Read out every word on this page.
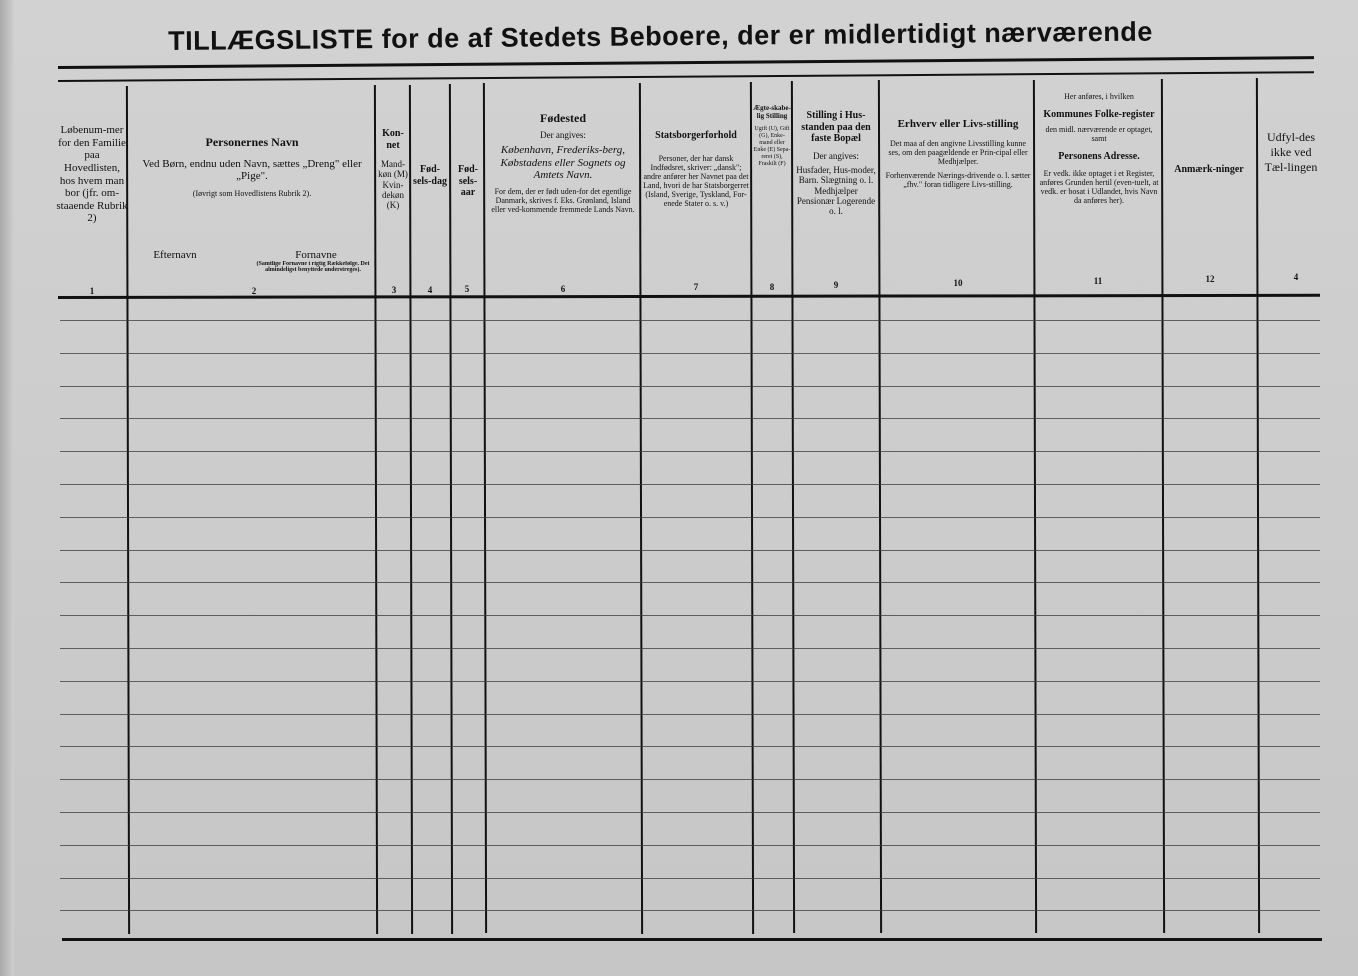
TILLÆGSLISTE for de af Stedets Beboere, der er midlertidigt nærværende
Løbenum-mer for den Familie paa Hovedlisten, hos hvem man bor (jfr. om-staaende Rubrik 2)
1
Personernes Navn
Ved Børn, endnu uden Navn, sættes „Dreng" eller „Pige".
(Iøvrigt som Hovedlistens Rubrik 2).
Efternavn	Fornavne
(Samtlige Fornavne i rigtig Rækkefølge. Det almindeligst benyttede understreges).
2
Kon-net
Mand-køn (M) Kvin-dekøn (K)
3
Fød-sels-dag
4
Fød-sels-aar
5
Fødested
Der angives:
København, Frederiks-berg, Købstadens eller Sognets og Amtets Navn.
For dem, der er født uden-for det egentlige Danmark, skrives f. Eks. Grønland, Island eller ved-kommende fremmede Lands Navn.
6
Statsborgerforhold
Personer, der har dansk Indfødsret, skriver: „dansk"; andre anfører her Navnet paa det Land, hvori de har Statsborgerret (Island, Sverige, Tyskland, For-enede Stater o. s. v.)
7
Ægte-skabe-lig Stilling
Ugift (U), Gift (G), Enke-mand eller Enke (E) Sepa-reret (S), Fraskilt (F)
8
Stilling i Hus-standen paa den faste Bopæl
Der angives:
Husfader, Hus-moder, Barn. Slægtning o. l. Medhjælper Pensionær Logerende o. l.
9
Erhverv eller Livs-stilling
Det maa af den angivne Livsstilling kunne ses, om den paagældende er Prin-cipal eller Medhjælper.
Forhenværende Nærings-drivende o. l. sætter „fhv." foran tidligere Livs-stilling.
10
Her anføres, i hvilken
Kommunes Folke-register
den midl. nærværende er optaget, samt
Personens Adresse.
Er vedk. ikke optaget i et Register, anføres Grunden hertil (even-tuelt, at vedk. er bosat i Udlandet, hvis Navn da anføres her).
11
Anmærk-ninger
12
Udfyl-des ikke ved Tæl-lingen
4
